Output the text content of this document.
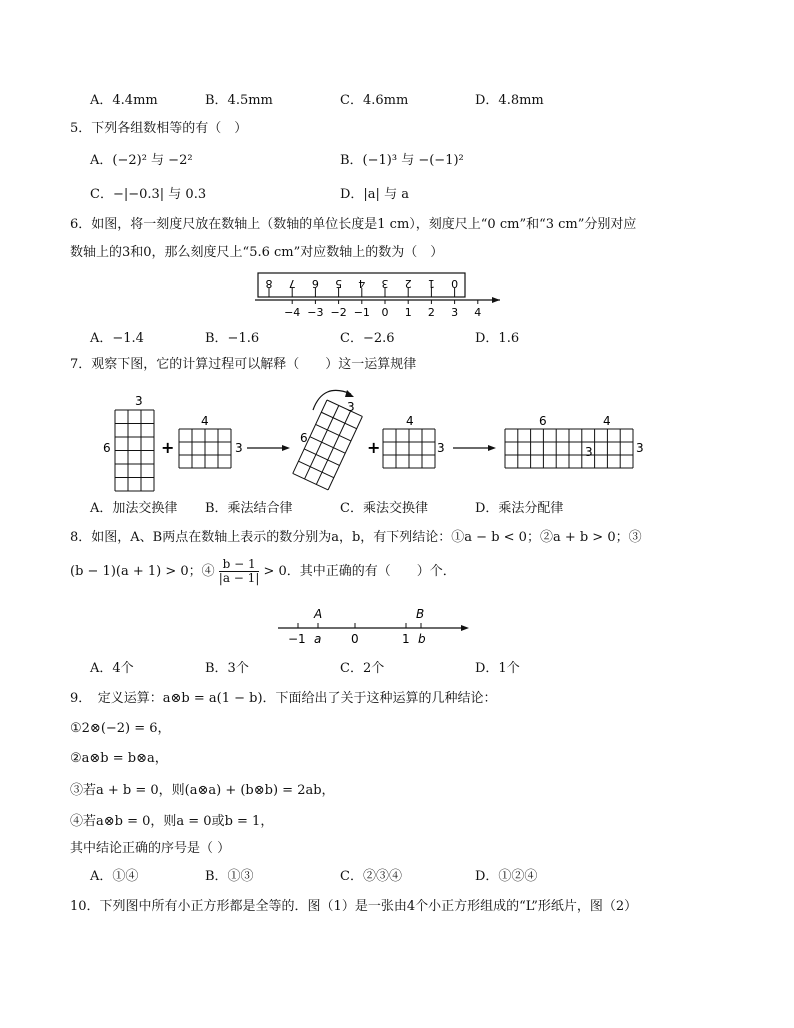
A．4.4mm	B．4.5mm	C．4.6mm	D．4.8mm
5．下列各组数相等的有（　）
A．(−2)² 与 −2²	B．(−1)³ 与 −(−1)²
C．−|−0.3| 与 0.3	D．|a| 与 a
6．如图，将一刻度尺放在数轴上（数轴的单位长度是1 cm），刻度尺上“0 cm”和“3 cm”分别对应
数轴上的3和0，那么刻度尺上“5.6 cm”对应数轴上的数为（　）
8 7 6 5 4 3 2 1 0
−4 −3 −2 −1 0 1 2 3 4
A．−1.4	B．−1.6	C．−2.6	D．1.6
7．观察下图，它的计算过程可以解释（　　）这一运算规律
3
6	+
4
3
3
6	+
4
3
6	4
3	3
A．加法交换律 B．乘法结合律	C．乘法交换律	D．乘法分配律
8．如图，A、B两点在数轴上表示的数分别为a，b，有下列结论：①a − b < 0；②a + b > 0；③
(b − 1)(a + 1) > 0；④ $\frac{b - 1}{|a - 1|} > 0$．其中正确的有（　　）个．
A	B
−1 a 0	1 b
A．4个	B．3个	C．2个	D．1个
9．　定义运算：a⊗b = a(1 − b)．下面给出了关于这种运算的几种结论：
①2⊗(−2) = 6，
②a⊗b = b⊗a，
③若a + b = 0，则(a⊗a) + (b⊗b) = 2ab，
④若a⊗b = 0，则a = 0或b = 1，
其中结论正确的序号是（ ）
A．①④	B．①③	C．②③④	D．①②④
10．下列图中所有小正方形都是全等的．图（1）是一张由4个小正方形组成的“L”形纸片，图（2）
